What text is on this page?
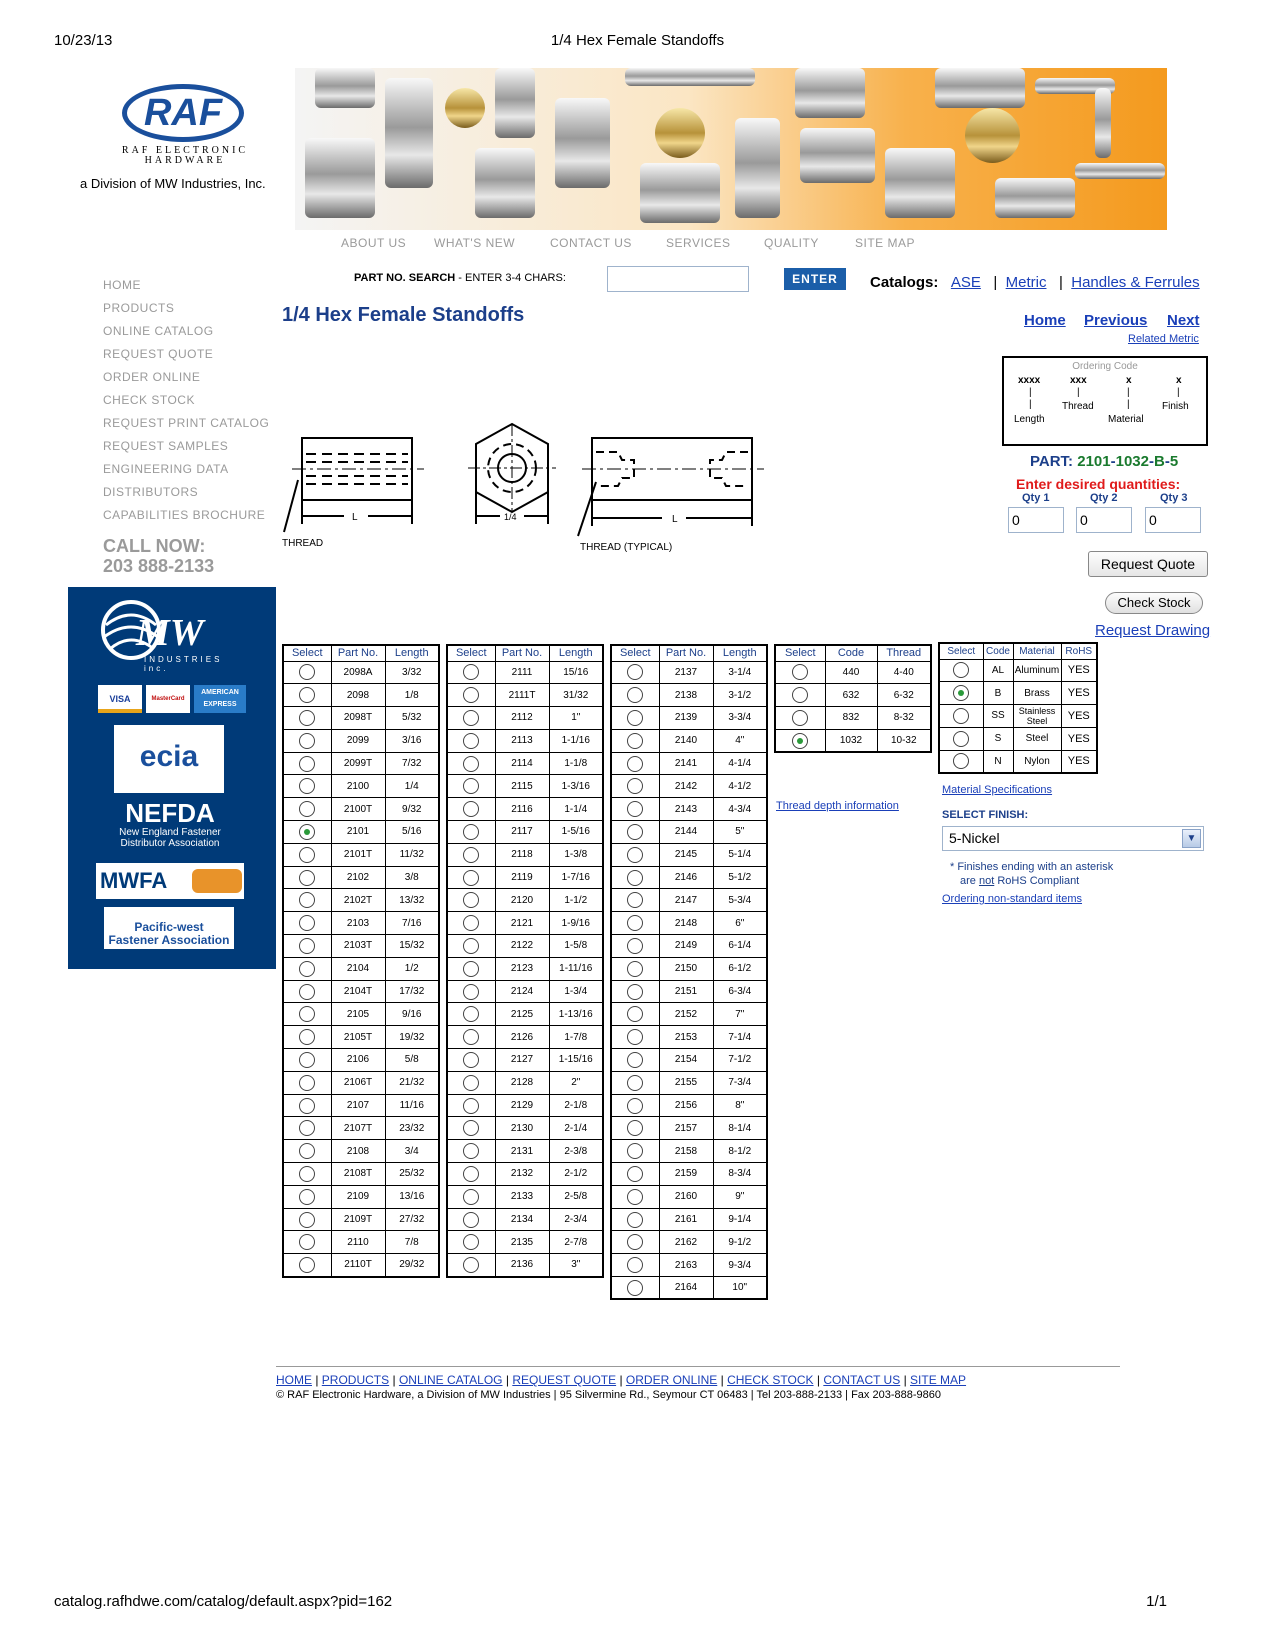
10/23/13	1/4 Hex Female Standoffs
catalog.rafhdwe.com/catalog/default.aspx?pid=162	1/1
RAF
RAF ELECTRONIC
HARDWARE
a Division of MW Industries, Inc.
ABOUT US WHAT'S NEW	CONTACT US	SERVICES	QUALITY	SITE MAP
HOME
PRODUCTS
ONLINE CATALOG
REQUEST QUOTE
ORDER ONLINE
CHECK STOCK
REQUEST PRINT CATALOG
REQUEST SAMPLES
ENGINEERING DATA
DISTRIBUTORS
CAPABILITIES BROCHURE
CALL NOW:
203 888-2133
MW
INDUSTRIES inc.
VISA	MasterCard
AMERICAN EXPRESS
ecia
NEFDA
New England Fastener
Distributor Association
MWFA
Pacific-west
Fastener Association
PART NO. SEARCH - ENTER 3-4 CHARS:	ENTER	Catalogs: ASE | Metric | Handles & Ferrules
1/4 Hex Female Standoffs	Home Previous Next
Related Metric
Ordering Code
xxxx	xxx	x	x
|
|
|	|
|
|
Length
Thread
Material
Finish
L
THREAD
1/4	L
THREAD (TYPICAL)
PART: 2101-1032-B-5
Enter desired quantities:
Qty 1	Qty 2	Qty 3
0	0	0
Request Quote
Check Stock
Request Drawing
Select	Part No.	Length
	2098A	3/32
	2098	1/8
	2098T	5/32
	2099	3/16
	2099T	7/32
	2100	1/4
	2100T	9/32
	2101	5/16
	2101T	11/32
	2102	3/8
	2102T	13/32
	2103	7/16
	2103T	15/32
	2104	1/2
	2104T	17/32
	2105	9/16
	2105T	19/32
	2106	5/8
	2106T	21/32
	2107	11/16
	2107T	23/32
	2108	3/4
	2108T	25/32
	2109	13/16
	2109T	27/32
	2110	7/8
	2110T	29/32
Select	Part No.	Length
	2111	15/16
	2111T	31/32
	2112	1"
	2113	1-1/16
	2114	1-1/8
	2115	1-3/16
	2116	1-1/4
	2117	1-5/16
	2118	1-3/8
	2119	1-7/16
	2120	1-1/2
	2121	1-9/16
	2122	1-5/8
	2123	1-11/16
	2124	1-3/4
	2125	1-13/16
	2126	1-7/8
	2127	1-15/16
	2128	2"
	2129	2-1/8
	2130	2-1/4
	2131	2-3/8
	2132	2-1/2
	2133	2-5/8
	2134	2-3/4
	2135	2-7/8
	2136	3"
Select	Part No.	Length
	2137	3-1/4
	2138	3-1/2
	2139	3-3/4
	2140	4"
	2141	4-1/4
	2142	4-1/2
	2143	4-3/4
	2144	5"
	2145	5-1/4
	2146	5-1/2
	2147	5-3/4
	2148	6"
	2149	6-1/4
	2150	6-1/2
	2151	6-3/4
	2152	7"
	2153	7-1/4
	2154	7-1/2
	2155	7-3/4
	2156	8"
	2157	8-1/4
	2158	8-1/2
	2159	8-3/4
	2160	9"
	2161	9-1/4
	2162	9-1/2
	2163	9-3/4
	2164	10"
Select	Code	Thread
	440	4-40
	632	6-32
	832	8-32
	1032	10-32
Thread depth information
Select	Code	Material	RoHS
	AL	Aluminum	YES
	B	Brass	YES
	SS	Stainless Steel	YES
	S	Steel	YES
	N	Nylon	YES
Material Specifications
SELECT FINISH:
5-Nickel	▼
* Finishes ending with an asterisk
are not RoHS Compliant
Ordering non-standard items
HOME | PRODUCTS | ONLINE CATALOG | REQUEST QUOTE | ORDER ONLINE | CHECK STOCK | CONTACT US | SITE MAP
© RAF Electronic Hardware, a Division of MW Industries | 95 Silvermine Rd., Seymour CT 06483 | Tel 203-888-2133 | Fax 203-888-9860
